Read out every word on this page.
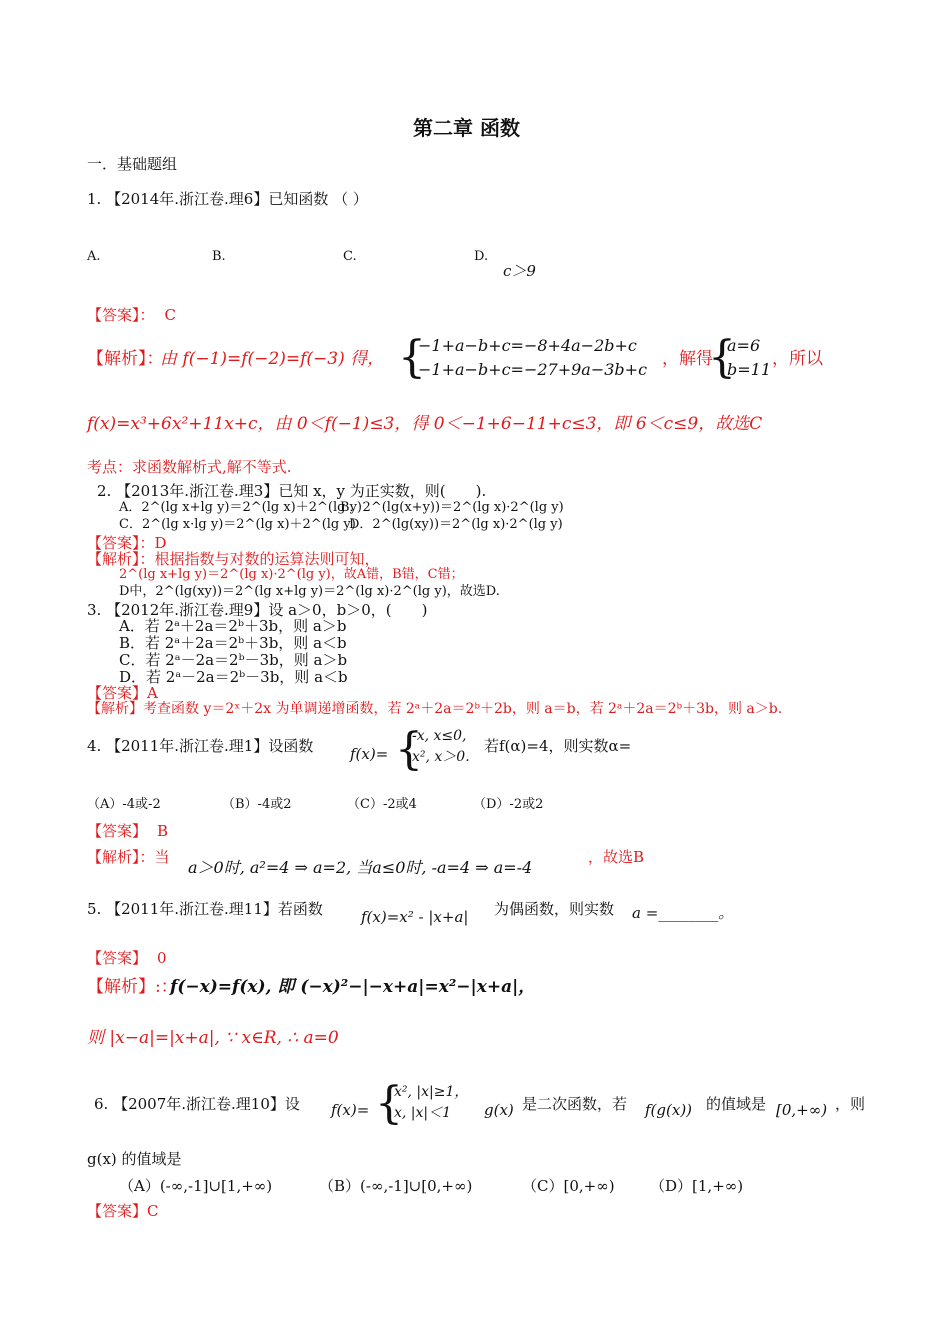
第二章 函数
一．基础题组
1. 【2014年.浙江卷.理6】已知函数 （ ）
A.	B.	C.	D.
c＞9
【答案】： C
【解析】：
由 f(−1)=f(−2)=f(−3) 得， {
−1+a−b+c=−8+4a−2b+c
−1+a−b+c=−27+9a−3b+c
，解得
{
a=6
b=11
，所以
f(x)=x³+6x²+11x+c，由 0＜f(−1)≤3，得 0＜−1+6−11+c≤3，即 6＜c≤9，故选C
考点：求函数解析式,解不等式.
2. 【2013年.浙江卷.理3】已知 x，y 为正实数，则(　　).
A．2^(lg x+lg y)＝2^(lg x)＋2^(lg y)
B．2^(lg(x+y))＝2^(lg x)·2^(lg y)
C．2^(lg x·lg y)＝2^(lg x)＋2^(lg y)
D．2^(lg(xy))＝2^(lg x)·2^(lg y)
【答案】：D
【解析】：根据指数与对数的运算法则可知，
2^(lg x+lg y)＝2^(lg x)·2^(lg y)，故A错，B错，C错；
D中，2^(lg(xy))＝2^(lg x+lg y)＝2^(lg x)·2^(lg y)，故选D.
3. 【2012年.浙江卷.理9】设 a＞0，b＞0，(　　)
A．若 2ᵃ＋2a＝2ᵇ＋3b，则 a＞b
B．若 2ᵃ＋2a＝2ᵇ＋3b，则 a＜b
C．若 2ᵃ－2a＝2ᵇ－3b，则 a＞b
D．若 2ᵃ－2a＝2ᵇ－3b，则 a＜b
【答案】A
【解析】考查函数 y＝2ˣ＋2x 为单调递增函数，若 2ᵃ＋2a＝2ᵇ＋2b，则 a＝b，若 2ᵃ＋2a＝2ᵇ＋3b，则 a＞b.
4. 【2011年.浙江卷.理1】设函数 f(x)= {
-x, x≤0,
x², x＞0.
若f(α)=4，则实数α=
（A）-4或-2	（B）-4或2	（C）-2或4	（D）-2或2
【答案】 B
【解析】：当
a＞0时, a²=4 ⇒ a=2, 当a≤0时, -a=4 ⇒ a=-4
，故选B
5. 【2011年.浙江卷.理11】若函数	f(x)=x² - |x+a| 为偶函数，则实数 a =________。
【答案】 0
【解析】:：
f(−x)=f(x), 即 (−x)²−|−x+a|=x²−|x+a|，
则 |x−a|=|x+a|, ∵ x∈R, ∴ a=0
6. 【2007年.浙江卷.理10】设 f(x)= {
x², |x|≥1，
x, |x|＜1	g(x) 是二次函数，若 f(g(x)) 的值域是 [0,+∞) ，则
g(x) 的值域是
（A）(-∞,-1]∪[1,+∞)	（B）(-∞,-1]∪[0,+∞)	（C）[0,+∞) （D）[1,+∞)
【答案】C
